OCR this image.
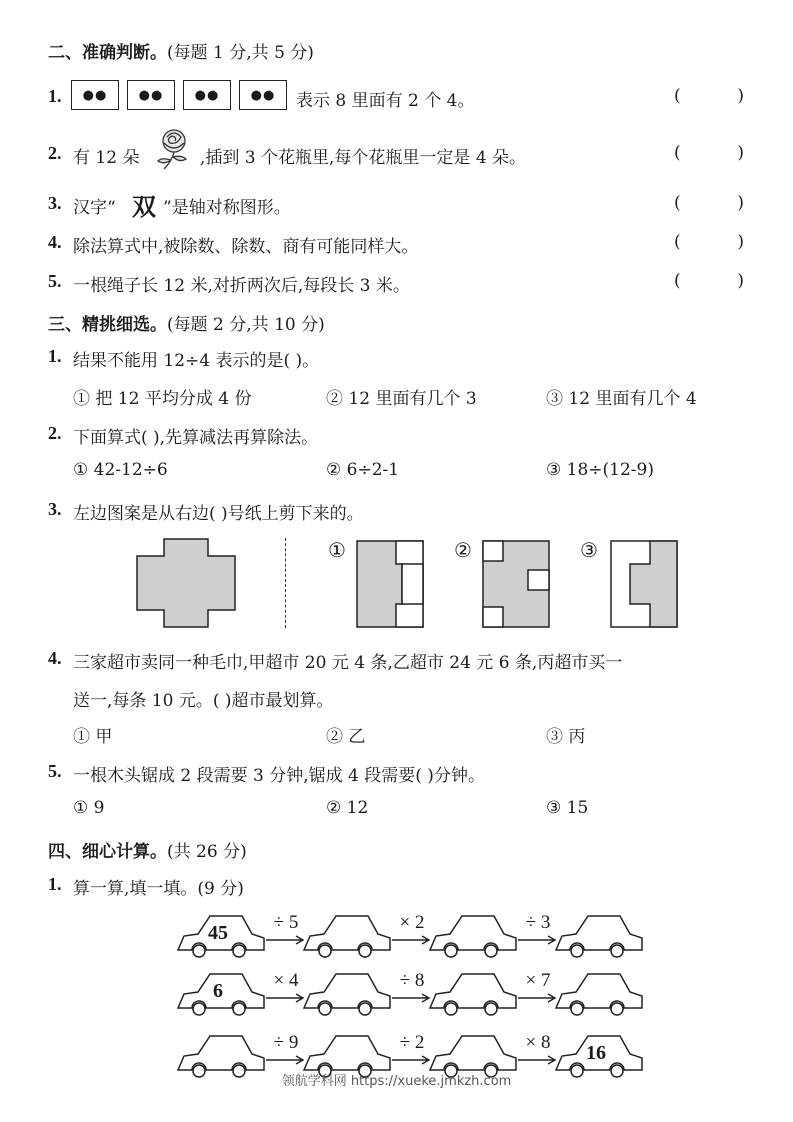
二、准确判断。(每题 1 分,共 5 分)
1.	●●	●●	●●	●●	表示 8 里面有 2 个 4。	(	)
2. 有 12 朵	,插到 3 个花瓶里,每个花瓶里一定是 4 朵。	(	)
3. 汉字“ 双 ”是轴对称图形。	(	)
4. 除法算式中,被除数、除数、商有可能同样大。	(	)
5. 一根绳子长 12 米,对折两次后,每段长 3 米。	(	)
三、精挑细选。(每题 2 分,共 10 分)
1. 结果不能用 12÷4 表示的是( )。
① 把 12 平均分成 4 份	② 12 里面有几个 3	③ 12 里面有几个 4
2. 下面算式( ),先算减法再算除法。
① 42-12÷6	② 6÷2-1	③ 18÷(12-9)
3. 左边图案是从右边( )号纸上剪下来的。
①	②	③
4. 三家超市卖同一种毛巾,甲超市 20 元 4 条,乙超市 24 元 6 条,丙超市买一
送一,每条 10 元。( )超市最划算。
① 甲	② 乙	③ 丙
5. 一根木头锯成 2 段需要 3 分钟,锯成 4 段需要( )分钟。
① 9	② 12	③ 15
四、细心计算。(共 26 分)
1. 算一算,填一填。(9 分)
45	÷ 5	× 2	÷ 3
6	× 4	÷ 8	× 7
÷ 9	÷ 2	× 8	16
领航学科网 https://xueke.jmkzh.com
